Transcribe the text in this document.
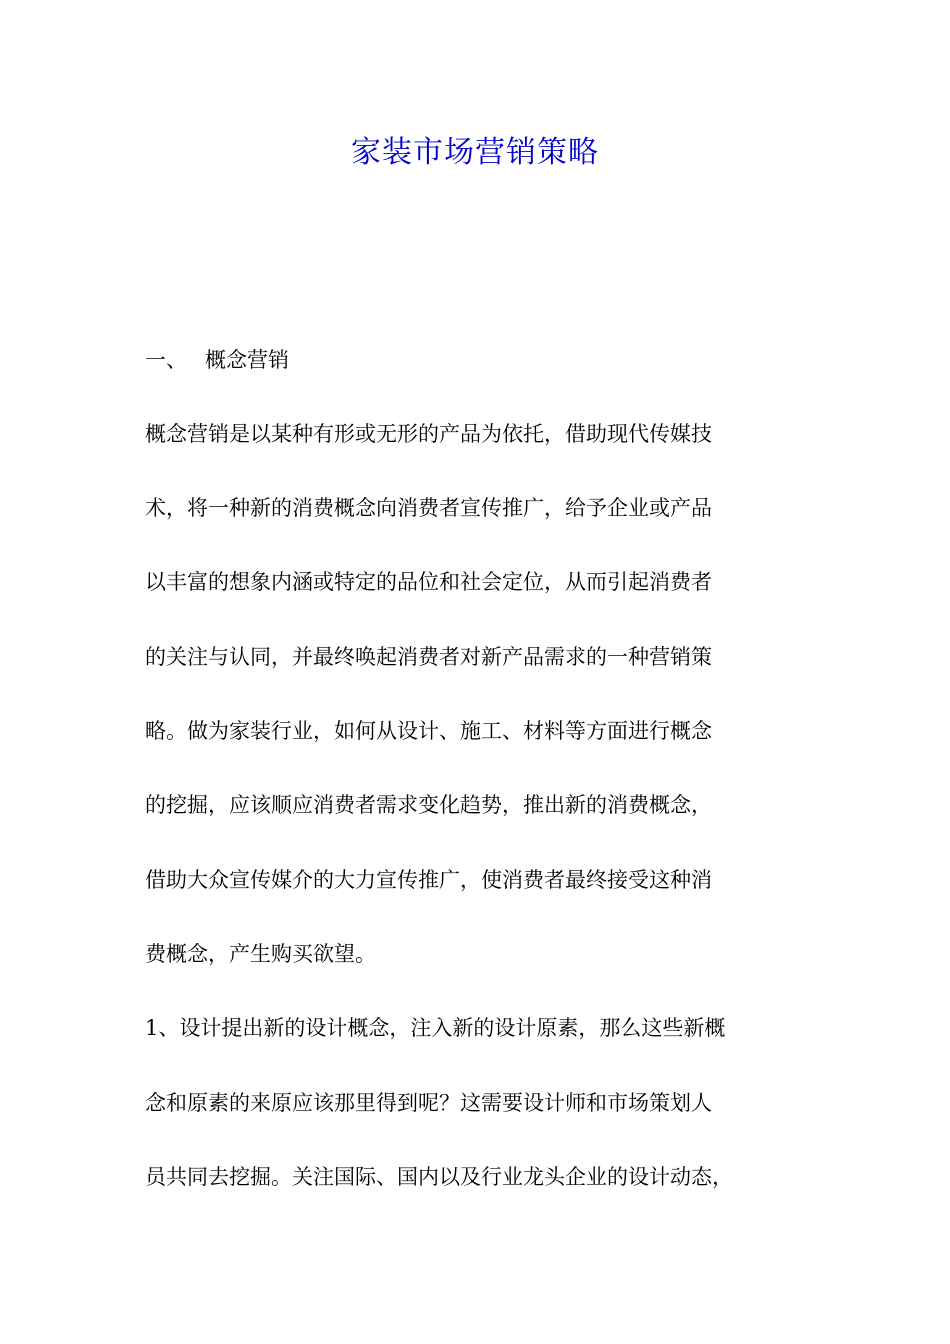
家装市场营销策略
一、 概念营销
概念营销是以某种有形或无形的产品为依托，借助现代传媒技
术，将一种新的消费概念向消费者宣传推广，给予企业或产品
以丰富的想象内涵或特定的品位和社会定位，从而引起消费者
的关注与认同，并最终唤起消费者对新产品需求的一种营销策
略。做为家装行业，如何从设计、施工、材料等方面进行概念
的挖掘，应该顺应消费者需求变化趋势，推出新的消费概念，
借助大众宣传媒介的大力宣传推广，使消费者最终接受这种消
费概念，产生购买欲望。
1、设计提出新的设计概念，注入新的设计原素，那么这些新概
念和原素的来原应该那里得到呢？这需要设计师和市场策划人
员共同去挖掘。关注国际、国内以及行业龙头企业的设计动态，
